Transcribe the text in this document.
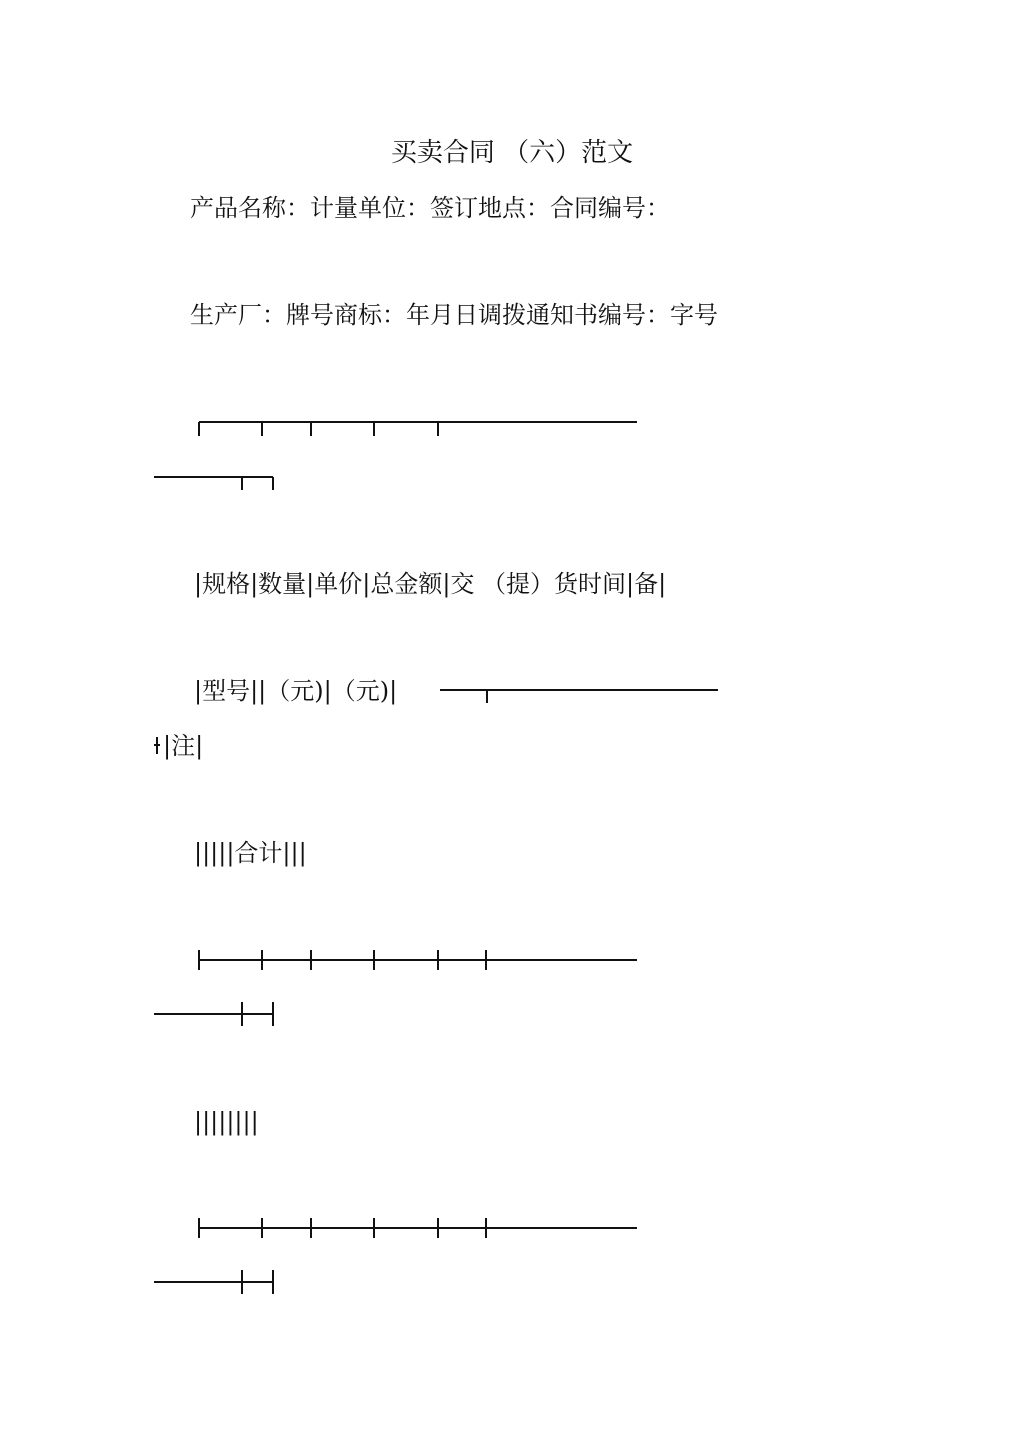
买卖合同 （六）范文
产品名称：计量单位：签订地点：合同编号：
生产厂：牌号商标：年月日调拨通知书编号：字号
|规格|数量|单价|总金额|交 （提）货时间|备|
|型号||（元)|（元)|
|注|
|||||合计|||
||||||||
